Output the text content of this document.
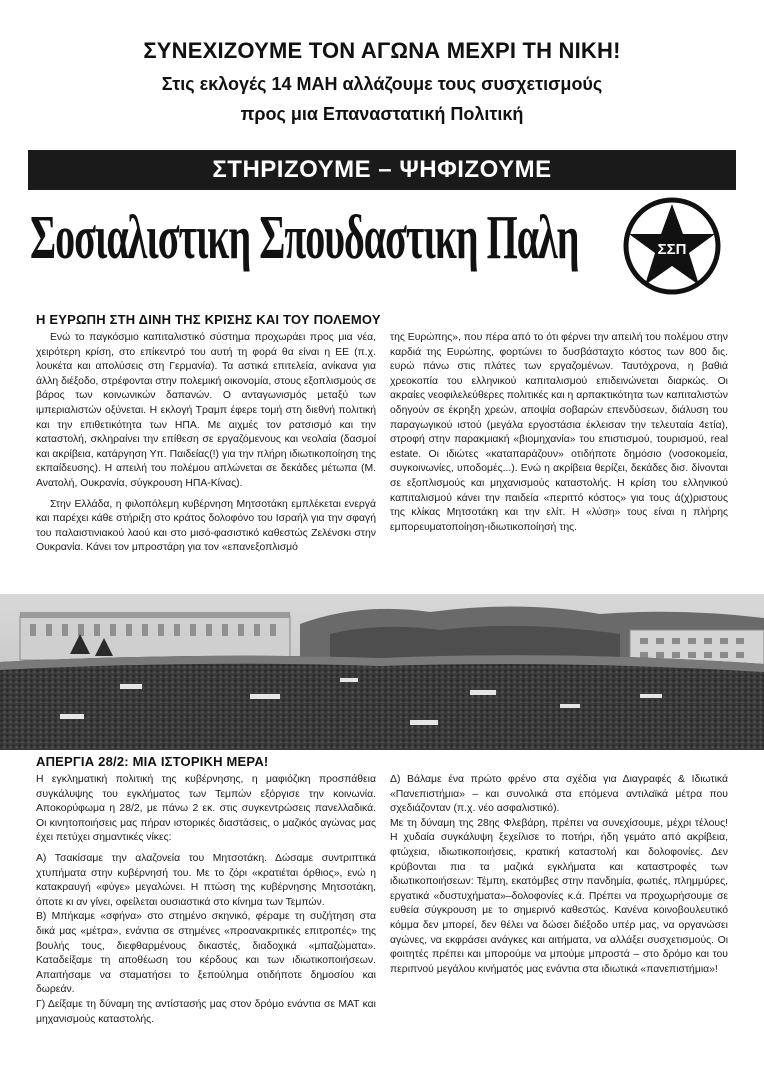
ΣΥΝΕΧΙΖΟΥΜΕ ΤΟΝ ΑΓΩΝΑ ΜΕΧΡΙ ΤΗ ΝΙΚΗ!
Στις εκλογές 14 ΜΑΗ αλλάζουμε τους συσχετισμούς
προς μια Επαναστατική Πολιτική
ΣΤΗΡΙΖΟΥΜΕ – ΨΗΦΙΖΟΥΜΕ
Σοσιαλιστικη Σπουδαστικη Παλη	ΣΣΠ
Η ΕΥΡΩΠΗ ΣΤΗ ΔΙΝΗ ΤΗΣ ΚΡΙΣΗΣ ΚΑΙ ΤΟΥ ΠΟΛΕΜΟΥ

Ενώ το παγκόσμιο καπιταλιστικό σύστημα προχωράει προς μια νέα, χειρότερη κρίση, στο επίκεντρό του αυτή τη φορά θα είναι η ΕΕ (π.χ. λουκέτα και απολύσεις στη Γερμανία). Τα αστικά επιτελεία, ανίκανα για άλλη διέξοδο, στρέφονται στην πολεμική οικονομία, στους εξοπλισμούς σε βάρος των κοινωνικών δαπανών. Ο ανταγωνισμός μεταξύ των ιμπεριαλιστών οξύνεται. Η εκλογή Τραμπ έφερε τομή στη διεθνή πολιτική και την επιθετικότητα των ΗΠΑ. Με αιχμές τον ρατσισμό και την καταστολή, σκληραίνει την επίθεση σε εργαζόμενους και νεολαία (δασμοί και ακρίβεια, κατάργηση Υπ. Παιδείας(!) για την πλήρη ιδιωτικοποίηση της εκπαίδευσης). Η απειλή του πολέμου απλώνεται σε δεκάδες μέτωπα (Μ. Ανατολή, Ουκρανία, σύγκρουση ΗΠΑ-Κίνας).

Στην Ελλάδα, η φιλοπόλεμη κυβέρνηση Μητσοτάκη εμπλέκεται ενεργά και παρέχει κάθε στήριξη στο κράτος δολοφόνο του Ισραήλ για την σφαγή του παλαιστινιακού λαού και στο μισό-φασιστικό καθεστώς Ζελένσκι στην Ουκρανία. Κάνει τον μπροστάρη για τον «επανεξοπλισμό

της Ευρώπης», που πέρα από το ότι φέρνει την απειλή του πολέμου στην καρδιά της Ευρώπης, φορτώνει το δυσβάσταχτο κόστος των 800 δις. ευρώ πάνω στις πλάτες των εργαζομένων. Ταυτόχρονα, η βαθιά χρεοκοπία του ελληνικού καπιταλισμού επιδεινώνεται διαρκώς. Οι ακραίες νεοφιλελεύθερες πολιτικές και η αρπακτικότητα των καπιταλιστών οδηγούν σε έκρηξη χρεών, αποψία σοβαρών επενδύσεων, διάλυση του παραγωγικού ιστού (μεγάλα εργοστάσια έκλεισαν την τελευταία 4ετία), στροφή στην παρακμιακή «βιομηχανία» του επιστισμού, τουρισμού, real estate. Οι ιδιώτες «καταπαράζουν» οτιδήποτε δημόσιο (νοσοκομεία, συγκοινωνίες, υποδομές...). Ενώ η ακρίβεια θερίζει, δεκάδες δισ. δίνονται σε εξοπλισμούς και μηχανισμούς καταστολής. Η κρίση του ελληνικού καπιταλισμού κάνει την παιδεία «περιττό κόστος» για τους ά(χ)ριστους της κλίκας Μητσοτάκη και την ελίτ. Η «λύση» τους είναι η πλήρης εμπορευματοποίηση-ιδιωτικοποίησή της.

ΑΠΕΡΓΙΑ 28/2: ΜΙΑ ΙΣΤΟΡΙΚΗ ΜΕΡΑ!

Η εγκληματική πολιτική της κυβέρνησης, η μαφιόζικη προσπάθεια συγκάλυψης του εγκλήματος των Τεμπών εξόργισε την κοινωνία. Αποκορύφωμα η 28/2, με πάνω 2 εκ. στις συγκεντρώσεις πανελλαδικά. Οι κινητοποιήσεις μας πήραν ιστορικές διαστάσεις, ο μαζικός αγώνας μας έχει πετύχει σημαντικές νίκες:

Α) Τσακίσαμε την αλαζονεία του Μητσοτάκη. Δώσαμε συντριπτικά χτυπήματα στην κυβέρνησή του. Με το ζόρι «κρατιέται όρθιος», ενώ η κατακραυγή «φύγε» μεγαλώνει. Η πτώση της κυβέρνησης Μητσοτάκη, όποτε κι αν γίνει, οφείλεται ουσιαστικά στο κίνημα των Τεμπών.

Β) Μπήκαμε «σφήνα» στο στημένο σκηνικό, φέραμε τη συζήτηση στα δικά μας «μέτρα», ενάντια σε στημένες «προανακριτικές επιτροπές» της βουλής τους, διεφθαρμένους δικαστές, διαδοχικά «μπαζώματα». Καταδείξαμε τη αποθέωση του κέρδους και των ιδιωτικοποιήσεων. Απαιτήσαμε να σταματήσει το ξεπούλημα οτιδήποτε δημοσίου και δωρεάν.

Γ) Δείξαμε τη δύναμη της αντίστασής μας στον δρόμο ενάντια σε ΜΑΤ και μηχανισμούς καταστολής.

Δ) Βάλαμε ένα πρώτο φρένο στα σχέδια για Διαγραφές & Ιδιωτικά «Πανεπιστήμια» – και συνολικά στα επόμενα αντιλαϊκά μέτρα που σχεδιάζονταν (π.χ. νέο ασφαλιστικό).

Με τη δύναμη της 28ης Φλεβάρη, πρέπει να συνεχίσουμε, μέχρι τέλους! Η χυδαία συγκάλυψη ξεχείλισε το ποτήρι, ήδη γεμάτο από ακρίβεια, φτώχεια, ιδιωτικοποιήσεις, κρατική καταστολή και δολοφονίες. Δεν κρύβονται πια τα μαζικά εγκλήματα και καταστροφές των ιδιωτικοποιήσεων: Τέμπη, εκατόμβες στην πανδημία, φωτιές, πλημμύρες, εργατικά «δυστυχήματα»–δολοφονίες κ.ά. Πρέπει να προχωρήσουμε σε ευθεία σύγκρουση με το σημερινό καθεστώς. Κανένα κοινοβουλευτικό κόμμα δεν μπορεί, δεν θέλει να δώσει διέξοδο υπέρ μας, να οργανώσει αγώνες, να εκφράσει ανάγκες και αιτήματα, να αλλάξει συσχετισμούς. Οι φοιτητές πρέπει και μπορούμε να μπούμε μπροστά – στο δρόμο και του περιπνού μεγάλου κινήματός μας ενάντια στα ιδιωτικά «πανεπιστήμια»!
